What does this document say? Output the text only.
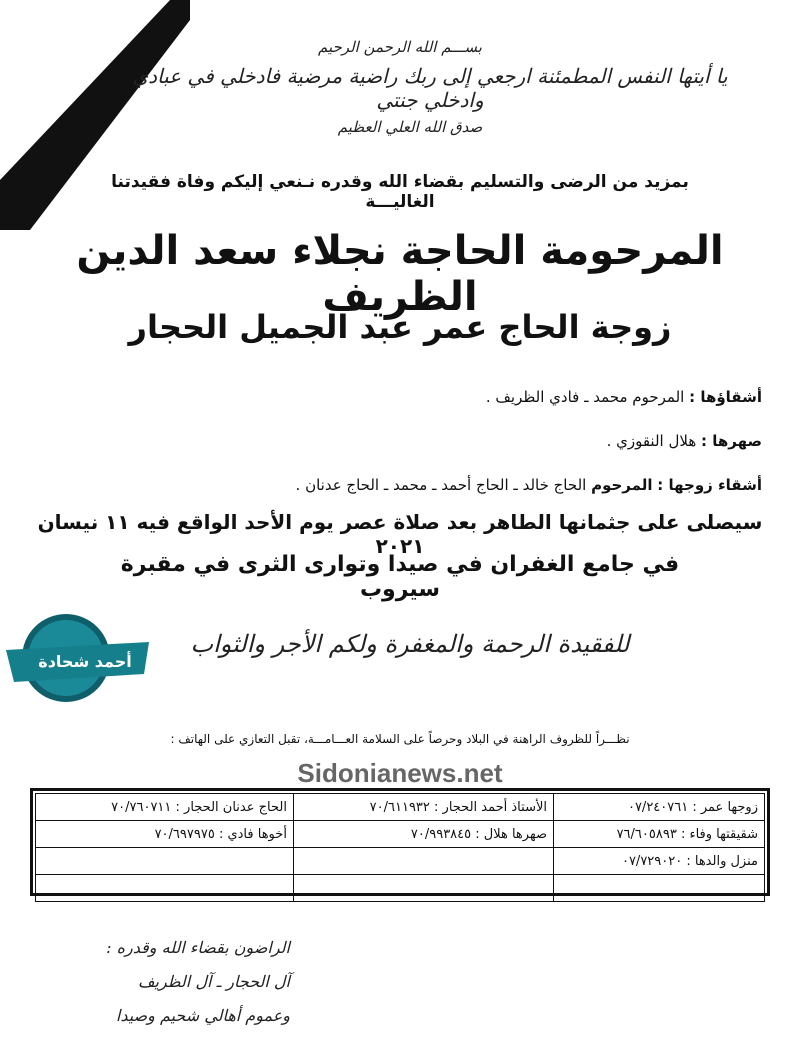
بســـم الله الرحمن الرحيم
يا أيتها النفس المطمئنة ارجعي إلى ربك راضية مرضية فادخلي في عبادي وادخلي جنتي
صدق الله العلي العظيم
بمزيد من الرضى والتسليم بقضاء الله وقدره نـنعي إليكم وفاة فقيدتنا الغاليـــة
المرحومة الحاجة نجلاء سعد الدين الظريف
زوجة الحاج عمر عبد الجميل الحجار
أشقاؤها : المرحوم محمد ـ فادي الظريف .
صهرها : هلال النقوزي .
أشقاء زوجها : المرحوم الحاج خالد ـ الحاج أحمد ـ محمد ـ الحاج عدنان .
سيصلى على جثمانها الطاهر بعد صلاة عصر يوم الأحد الواقع فيه ١١ نيسان ٢٠٢١
في جامع الغفران في صيدا وتوارى الثرى في مقبرة سيروب
أحمد شحادة
للفقيدة الرحمة والمغفرة ولكم الأجر والثواب
نظـــراً للظروف الراهنة في البلاد وحرصاً على السلامة العـــامـــة، تقبل التعازي على الهاتف :
Sidonianews.net
زوجها عمر : ٠٧/٢٤٠٧٦١	الأستاذ أحمد الحجار : ٧٠/٦١١٩٣٢	الحاج عدنان الحجار : ٧٠/٧٦٠٧١١
شقيقتها وفاء : ٧٦/٦٠٥٨٩٣	صهرها هلال : ٧٠/٩٩٣٨٤٥	أخوها فادي : ٧٠/٦٩٧٩٧٥
منزل والدها : ٠٧/٧٢٩٠٢٠		

الراضون بقضاء الله وقدره :
آل الحجار ـ آل الظريف
وعموم أهالي شحيم وصيدا
